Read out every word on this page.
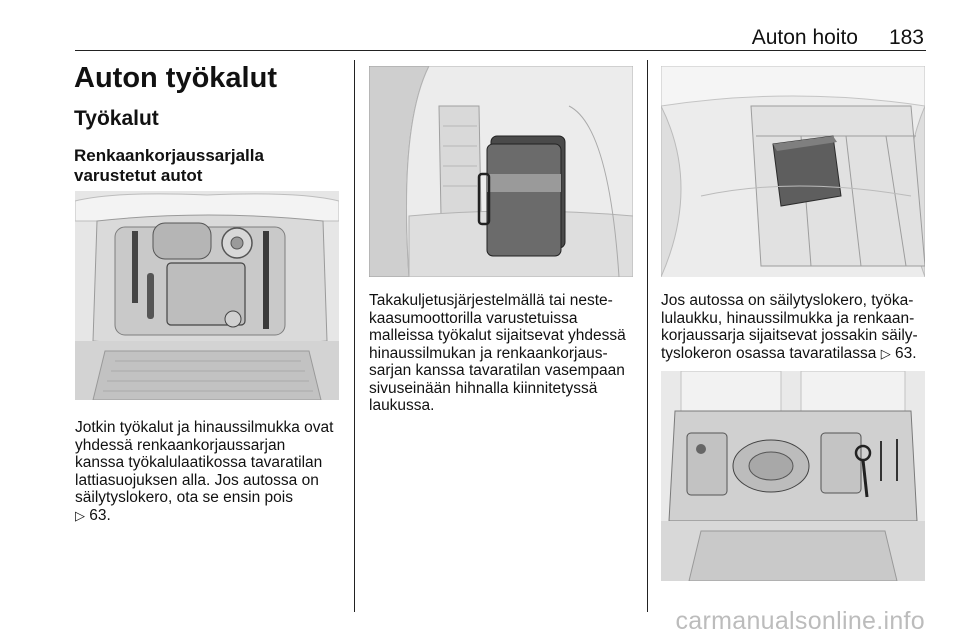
Auton hoito 183
Auton työkalut
Työkalut
Renkaankorjaussarjalla
varustetut autot

Jotkin työkalut ja hinaussilmukka ovat
yhdessä renkaankorjaussarjan
kanssa työkalulaatikossa tavaratilan
lattiasuojuksen alla. Jos autossa on
säilytyslokero, ota se ensin pois
▷ 63.

Takakuljetusjärjestelmällä tai neste-
kaasumoottorilla varustetuissa
malleissa työkalut sijaitsevat yhdessä
hinaussilmukan ja renkaankorjaus-
sarjan kanssa tavaratilan vasempaan
sivuseinään hihnalla kiinnitetyssä
laukussa.

Jos autossa on säilytyslokero, työka-
lulaukku, hinaussilmukka ja renkaan-
korjaussarja sijaitsevat jossakin säily-
tyslokeron osassa tavaratilassa ▷ 63.

carmanualsonline.info
